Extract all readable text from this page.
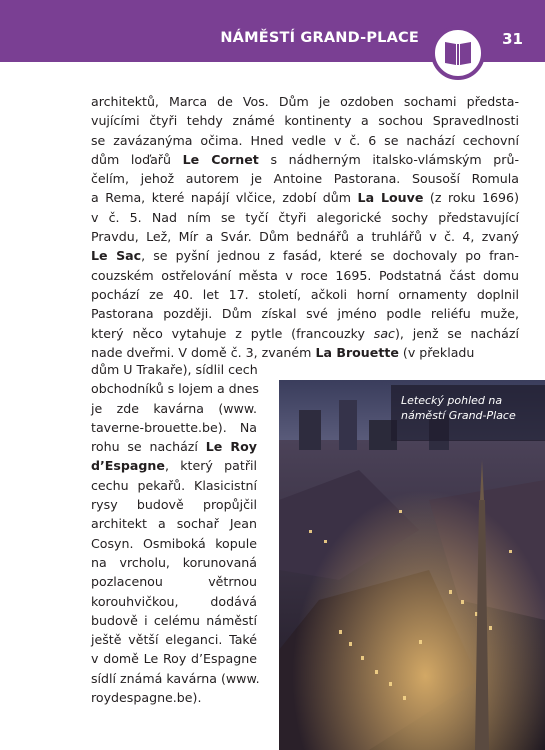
NÁMĚSTÍ GRAND-PLACE	31
architektů, Marca de Vos. Dům je ozdoben sochami předsta-
vujícími čtyři tehdy známé kontinenty a sochou Spravedlnosti
se zavázanýma očima. Hned vedle v č. 6 se nachází cechovní
dům loďařů Le Cornet s nádherným italsko-vlámským prů-
čelím, jehož autorem je Antoine Pastorana. Sousoší Romula
a Rema, které napájí vlčice, zdobí dům La Louve (z roku 1696)
v č. 5. Nad ním se tyčí čtyři alegorické sochy představující
Pravdu, Lež, Mír a Svár. Dům bednářů a truhlářů v č. 4, zvaný
Le Sac, se pyšní jednou z fasád, které se dochovaly po fran-
couzském ostřelování města v roce 1695. Podstatná část domu
pochází ze 40. let 17. století, ačkoli horní ornamenty doplnil
Pastorana později. Dům získal své jméno podle reliéfu muže,
který něco vytahuje z pytle (francouzky sac), jenž se nachází
nade dveřmi. V domě č. 3, zvaném La Brouette (v překladu
dům U Trakaře), sídlil cech
obchodníků s lojem a dnes
je zde kavárna (www.
taverne-brouette.be). Na
rohu se nachází Le Roy
d’Espagne, který patřil
cechu pekařů. Klasicistní
rysy budově propůjčil
architekt a sochař Jean
Cosyn. Osmiboká kopule
na vrcholu, korunovaná
pozlacenou větrnou
korouhvičkou, dodává
budově i celému náměstí
ještě větší eleganci. Také
v domě Le Roy d’Espagne
sídlí známá kavárna (www.
roydespagne.be).
Letecký pohled na
náměstí Grand-Place
